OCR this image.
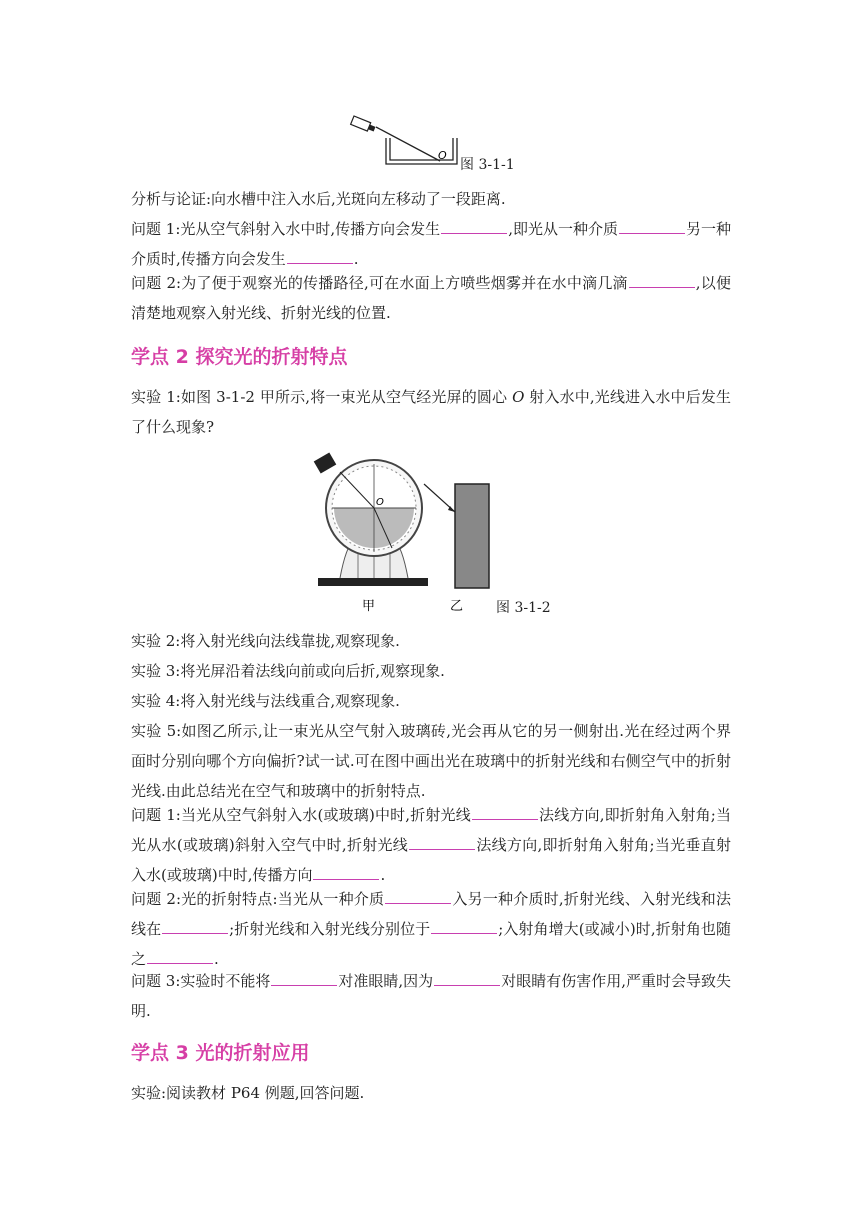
O
图 3-1-1

分析与论证:向水槽中注入水后,光斑向左移动了一段距离.

问题 1:光从空气斜射入水中时,传播方向会发生	,即光从一种介质	另一种介质时,传播方向会发生	.

问题 2:为了便于观察光的传播路径,可在水面上方喷些烟雾并在水中滴几滴	,以便清楚地观察入射光线、折射光线的位置.

学点 2 探究光的折射特点

实验 1:如图 3-1-2 甲所示,将一束光从空气经光屏的圆心 O 射入水中,光线进入水中后发生了什么现象?

O
甲	乙 图 3-1-2

实验 2:将入射光线向法线靠拢,观察现象.

实验 3:将光屏沿着法线向前或向后折,观察现象.

实验 4:将入射光线与法线重合,观察现象.

实验 5:如图乙所示,让一束光从空气射入玻璃砖,光会再从它的另一侧射出.光在经过两个界面时分别向哪个方向偏折?试一试.可在图中画出光在玻璃中的折射光线和右侧空气中的折射光线.由此总结光在空气和玻璃中的折射特点.

问题 1:当光从空气斜射入水(或玻璃)中时,折射光线	法线方向,即折射角入射角;当光从水(或玻璃)斜射入空气中时,折射光线	法线方向,即折射角入射角;当光垂直射入水(或玻璃)中时,传播方向	.

问题 2:光的折射特点:当光从一种介质	入另一种介质时,折射光线、入射光线和法线在	;折射光线和入射光线分别位于	;入射角增大(或减小)时,折射角也随之	.

问题 3:实验时不能将	对准眼睛,因为	对眼睛有伤害作用,严重时会导致失明.

学点 3 光的折射应用

实验:阅读教材 P64 例题,回答问题.
